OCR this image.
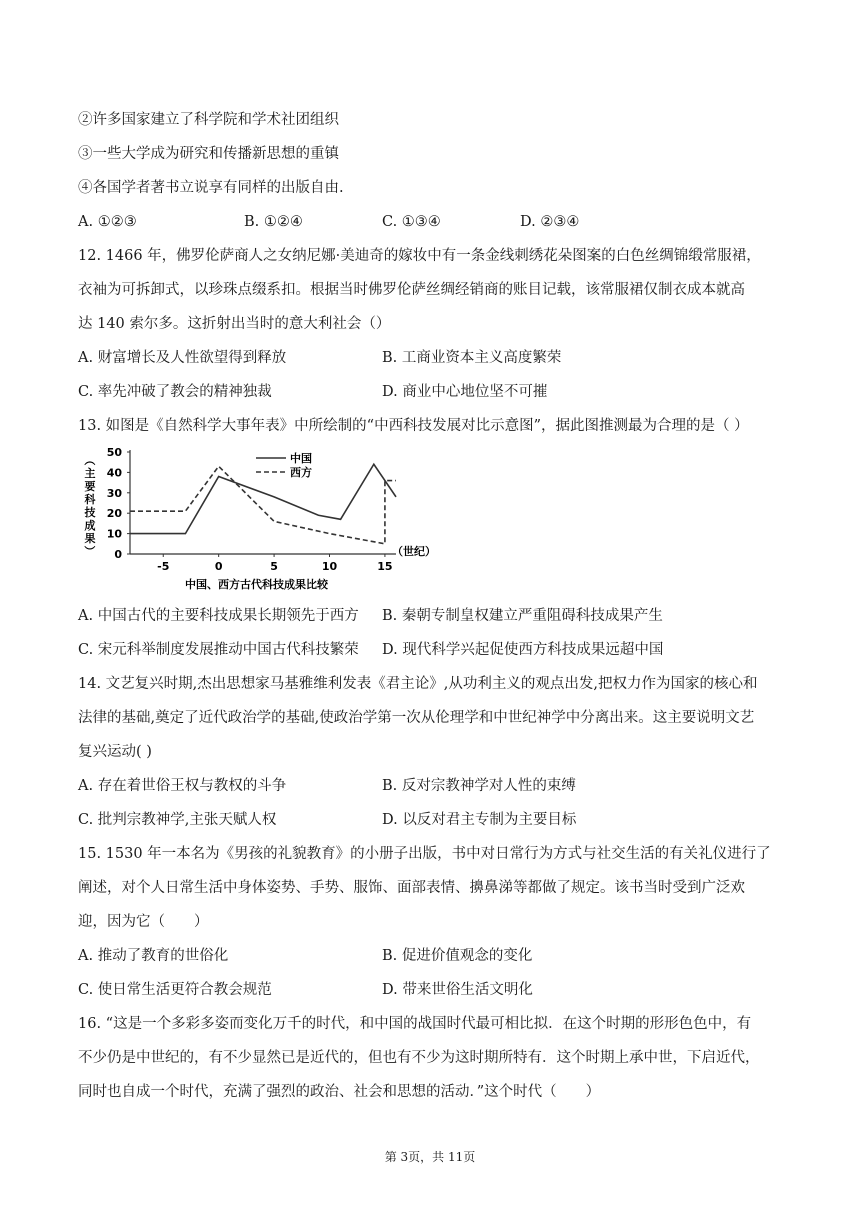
②许多国家建立了科学院和学术社团组织
③一些大学成为研究和传播新思想的重镇
④各国学者著书立说享有同样的出版自由.
A. ①②③	B. ①②④	C. ①③④	D. ②③④
12. 1466 年，佛罗伦萨商人之女纳尼娜·美迪奇的嫁妆中有一条金线刺绣花朵图案的白色丝绸锦缎常服裙，
衣袖为可拆卸式，以珍珠点缀系扣。根据当时佛罗伦萨丝绸经销商的账目记载，该常服裙仅制衣成本就高
达 140 索尔多。这折射出当时的意大利社会（）
A. 财富增长及人性欲望得到释放	B. 工商业资本主义高度繁荣
C. 率先冲破了教会的精神独裁	D. 商业中心地位坚不可摧
13. 如图是《自然科学大事年表》中所绘制的“中西科技发展对比示意图”，据此图推测最为合理的是（ ）
（
主
要
科
技
成
果
） 0
10
20
30
40
50
-5	0	5	10	15
中国
西方
（世纪）
中国、西方古代科技成果比较
A. 中国古代的主要科技成果长期领先于西方 B. 秦朝专制皇权建立严重阻碍科技成果产生
C. 宋元科举制度发展推动中国古代科技繁荣 D. 现代科学兴起促使西方科技成果远超中国
14. 文艺复兴时期,杰出思想家马基雅维利发表《君主论》,从功利主义的观点出发,把权力作为国家的核心和
法律的基础,奠定了近代政治学的基础,使政治学第一次从伦理学和中世纪神学中分离出来。这主要说明文艺
复兴运动( )
A. 存在着世俗王权与教权的斗争	B. 反对宗教神学对人性的束缚
C. 批判宗教神学,主张天赋人权	D. 以反对君主专制为主要目标
15. 1530 年一本名为《男孩的礼貌教育》的小册子出版，书中对日常行为方式与社交生活的有关礼仪进行了
阐述，对个人日常生活中身体姿势、手势、服饰、面部表情、擤鼻涕等都做了规定。该书当时受到广泛欢
迎，因为它（　　）
A. 推动了教育的世俗化	B. 促进价值观念的变化
C. 使日常生活更符合教会规范	D. 带来世俗生活文明化
16. “这是一个多彩多姿而变化万千的时代，和中国的战国时代最可相比拟．在这个时期的形形色色中，有
不少仍是中世纪的，有不少显然已是近代的，但也有不少为这时期所特有．这个时期上承中世，下启近代，
同时也自成一个时代，充满了强烈的政治、社会和思想的活动．”这个时代（　　）
第 3页，共 11页
